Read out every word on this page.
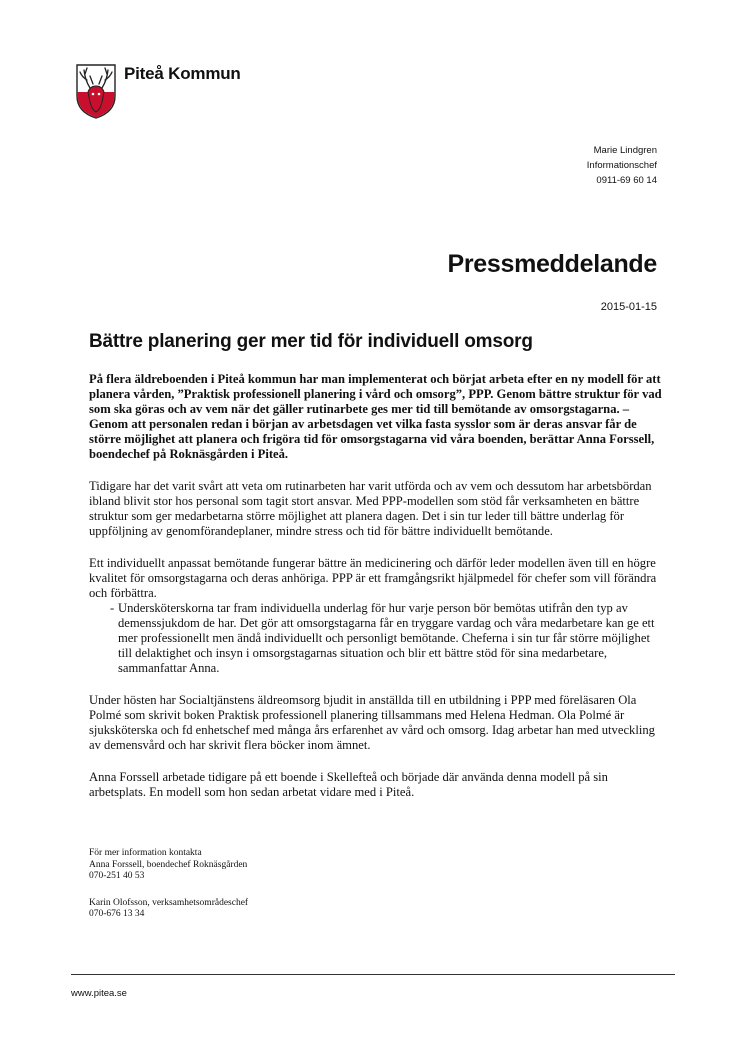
Piteå Kommun
Marie Lindgren
Informationschef
0911-69 60 14
Pressmeddelande
2015-01-15
Bättre planering ger mer tid för individuell omsorg

På flera äldreboenden i Piteå kommun har man implementerat och börjat arbeta efter en ny modell för att planera vården, ”Praktisk professionell planering i vård och omsorg”, PPP. Genom bättre struktur för vad som ska göras och av vem när det gäller rutinarbete ges mer tid till bemötande av omsorgstagarna. – Genom att personalen redan i början av arbetsdagen vet vilka fasta sysslor som är deras ansvar får de större möjlighet att planera och frigöra tid för omsorgstagarna vid våra boenden, berättar Anna Forssell, boendechef på Roknäsgården i Piteå.

Tidigare har det varit svårt att veta om rutinarbeten har varit utförda och av vem och dessutom har arbetsbördan ibland blivit stor hos personal som tagit stort ansvar. Med PPP-modellen som stöd får verksamheten en bättre struktur som ger medarbetarna större möjlighet att planera dagen. Det i sin tur leder till bättre underlag för uppföljning av genomförandeplaner, mindre stress och tid för bättre individuellt bemötande.

Ett individuellt anpassat bemötande fungerar bättre än medicinering och därför leder modellen även till en högre kvalitet för omsorgstagarna och deras anhöriga. PPP är ett framgångsrikt hjälpmedel för chefer som vill förändra och förbättra.

- Undersköterskorna tar fram individuella underlag för hur varje person bör bemötas utifrån den typ av demenssjukdom de har. Det gör att omsorgstagarna får en tryggare vardag och våra medarbetare kan ge ett mer professionellt men ändå individuellt och personligt bemötande. Cheferna i sin tur får större möjlighet till delaktighet och insyn i omsorgstagarnas situation och blir ett bättre stöd för sina medarbetare, sammanfattar Anna.

Under hösten har Socialtjänstens äldreomsorg bjudit in anställda till en utbildning i PPP med föreläsaren Ola Polmé som skrivit boken Praktisk professionell planering tillsammans med Helena Hedman. Ola Polmé är sjuksköterska och fd enhetschef med många års erfarenhet av vård och omsorg. Idag arbetar han med utveckling av demensvård och har skrivit flera böcker inom ämnet.

Anna Forssell arbetade tidigare på ett boende i Skellefteå och började där använda denna modell på sin arbetsplats. En modell som hon sedan arbetat vidare med i Piteå.

För mer information kontakta
Anna Forssell, boendechef Roknäsgården
070-251 40 53
Karin Olofsson, verksamhetsområdeschef
070-676 13 34
www.pitea.se
